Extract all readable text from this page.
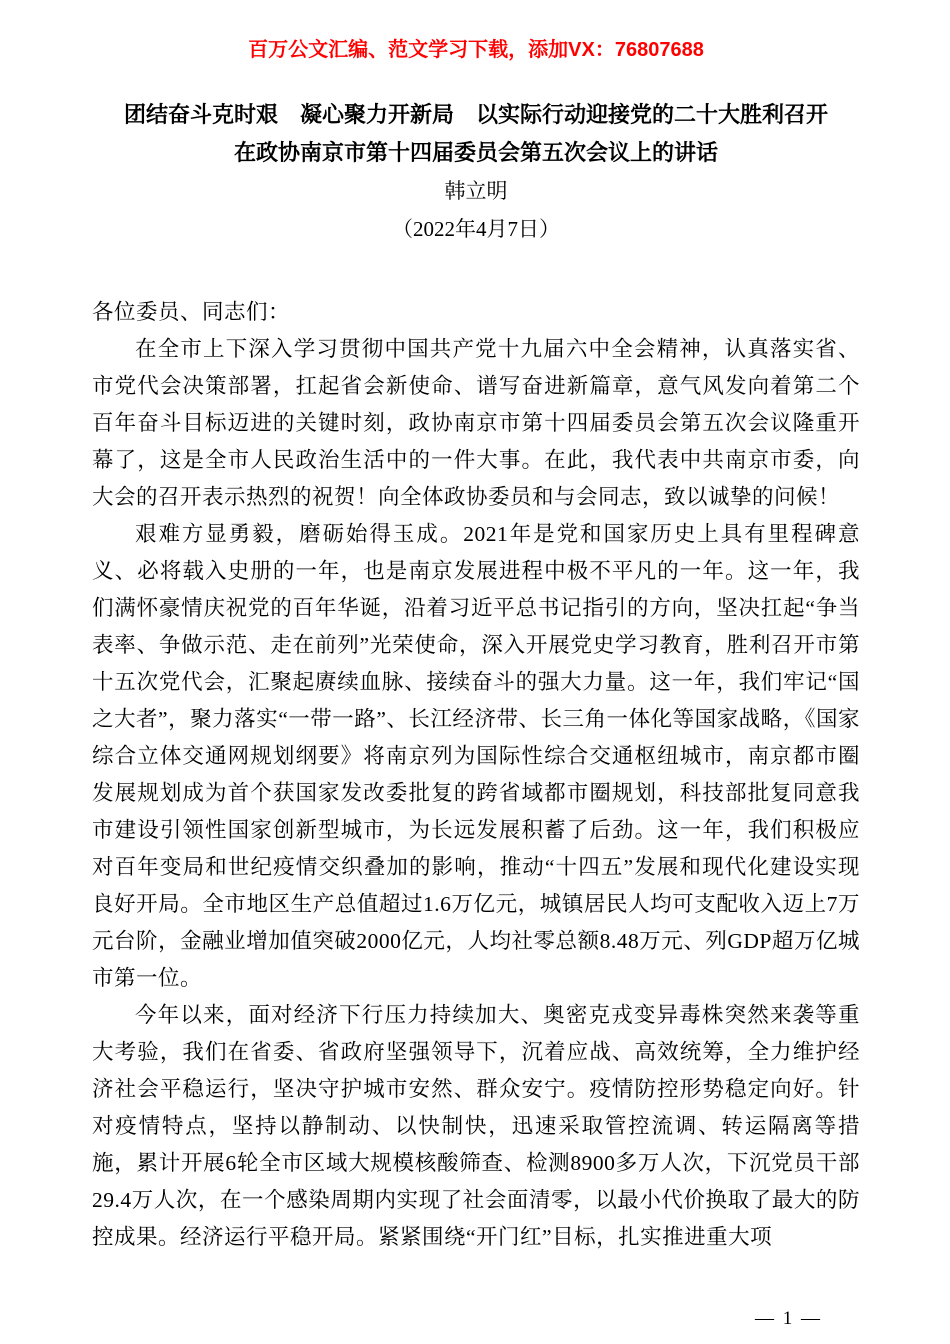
百万公文汇编、范文学习下载，添加VX：76807688
团结奋斗克时艰　凝心聚力开新局　以实际行动迎接党的二十大胜利召开
在政协南京市第十四届委员会第五次会议上的讲话
韩立明
（2022年4月7日）

各位委员、同志们：

在全市上下深入学习贯彻中国共产党十九届六中全会精神，认真落实省、市党代会决策部署，扛起省会新使命、谱写奋进新篇章，意气风发向着第二个百年奋斗目标迈进的关键时刻，政协南京市第十四届委员会第五次会议隆重开幕了，这是全市人民政治生活中的一件大事。在此，我代表中共南京市委，向大会的召开表示热烈的祝贺！向全体政协委员和与会同志，致以诚挚的问候！

艰难方显勇毅，磨砺始得玉成。2021年是党和国家历史上具有里程碑意义、必将载入史册的一年，也是南京发展进程中极不平凡的一年。这一年，我们满怀豪情庆祝党的百年华诞，沿着习近平总书记指引的方向，坚决扛起“争当表率、争做示范、走在前列”光荣使命，深入开展党史学习教育，胜利召开市第十五次党代会，汇聚起赓续血脉、接续奋斗的强大力量。这一年，我们牢记“国之大者”，聚力落实“一带一路”、长江经济带、长三角一体化等国家战略，《国家综合立体交通网规划纲要》将南京列为国际性综合交通枢纽城市，南京都市圈发展规划成为首个获国家发改委批复的跨省域都市圈规划，科技部批复同意我市建设引领性国家创新型城市，为长远发展积蓄了后劲。这一年，我们积极应对百年变局和世纪疫情交织叠加的影响，推动“十四五”发展和现代化建设实现良好开局。全市地区生产总值超过1.6万亿元，城镇居民人均可支配收入迈上7万元台阶，金融业增加值突破2000亿元，人均社零总额8.48万元、列GDP超万亿城市第一位。

今年以来，面对经济下行压力持续加大、奥密克戎变异毒株突然来袭等重大考验，我们在省委、省政府坚强领导下，沉着应战、高效统筹，全力维护经济社会平稳运行，坚决守护城市安然、群众安宁。疫情防控形势稳定向好。针对疫情特点，坚持以静制动、以快制快，迅速采取管控流调、转运隔离等措施，累计开展6轮全市区域大规模核酸筛查、检测8900多万人次，下沉党员干部29.4万人次，在一个感染周期内实现了社会面清零，以最小代价换取了最大的防控成果。经济运行平稳开局。紧紧围绕“开门红”目标，扎实推进重大项

— 1 —
